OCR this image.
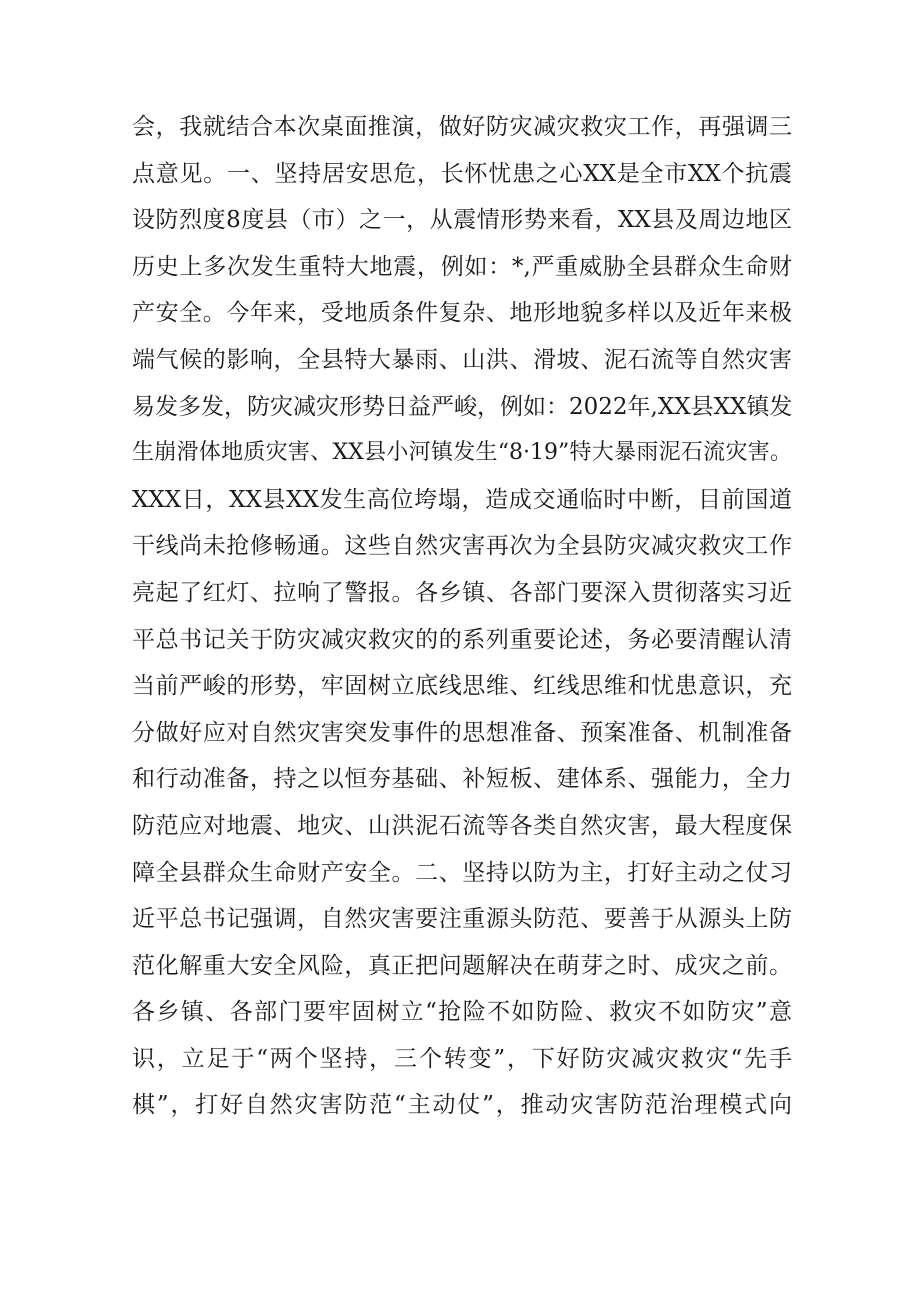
会，我就结合本次桌面推演，做好防灾减灾救灾工作，再强调三
点意见。一、坚持居安思危，长怀忧患之心XX是全市XX个抗震
设防烈度8度县（市）之一，从震情形势来看，XX县及周边地区
历史上多次发生重特大地震，例如：*,严重威胁全县群众生命财
产安全。今年来，受地质条件复杂、地形地貌多样以及近年来极
端气候的影响，全县特大暴雨、山洪、滑坡、泥石流等自然灾害
易发多发，防灾减灾形势日益严峻，例如：2022年,XX县XX镇发
生崩滑体地质灾害、XX县小河镇发生“8·19”特大暴雨泥石流灾害。
XXX日，XX县XX发生高位垮塌，造成交通临时中断，目前国道
干线尚未抢修畅通。这些自然灾害再次为全县防灾减灾救灾工作
亮起了红灯、拉响了警报。各乡镇、各部门要深入贯彻落实习近
平总书记关于防灾减灾救灾的的系列重要论述，务必要清醒认清
当前严峻的形势，牢固树立底线思维、红线思维和忧患意识，充
分做好应对自然灾害突发事件的思想准备、预案准备、机制准备
和行动准备，持之以恒夯基础、补短板、建体系、强能力，全力
防范应对地震、地灾、山洪泥石流等各类自然灾害，最大程度保
障全县群众生命财产安全。二、坚持以防为主，打好主动之仗习
近平总书记强调，自然灾害要注重源头防范、要善于从源头上防
范化解重大安全风险，真正把问题解决在萌芽之时、成灾之前。
各乡镇、各部门要牢固树立“抢险不如防险、救灾不如防灾”意
识，立足于“两个坚持，三个转变”，下好防灾减灾救灾“先手
棋”，打好自然灾害防范“主动仗”，推动灾害防范治理模式向
